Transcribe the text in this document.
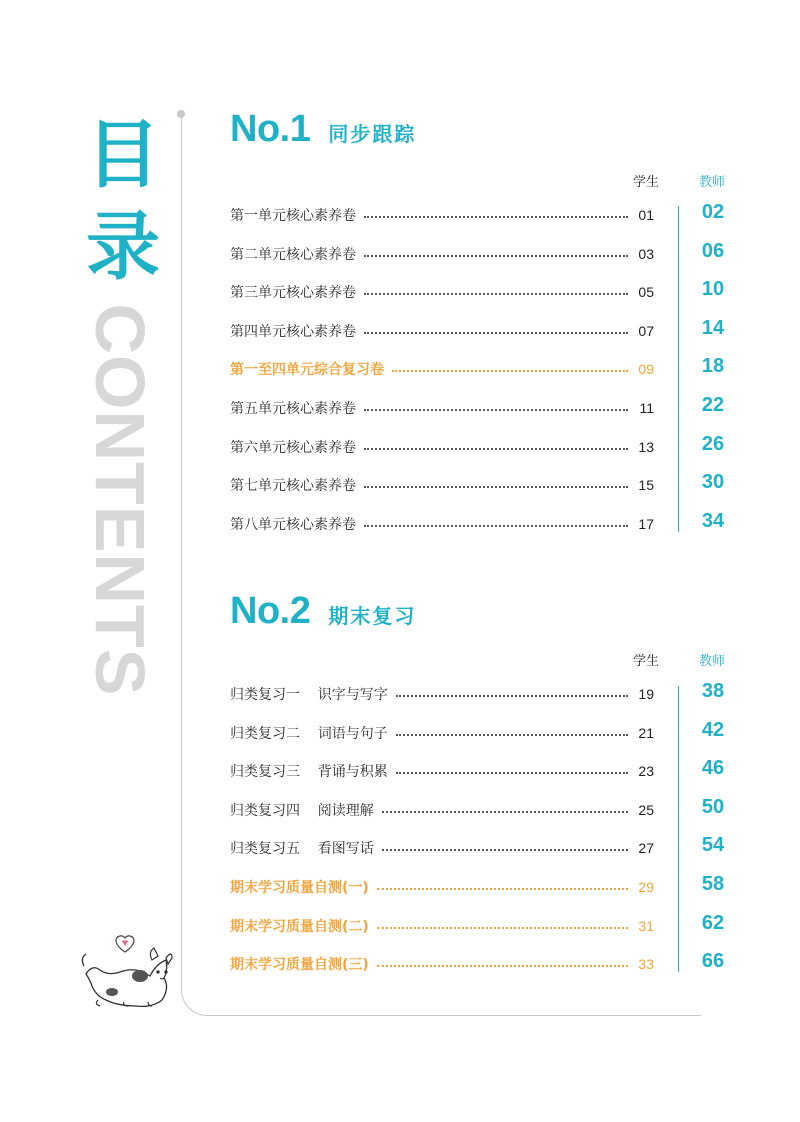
目
录
CONTENTS
No.1 同步跟踪
学生	教师
第一单元核心素养卷	01	02
第二单元核心素养卷	03	06
第三单元核心素养卷	05	10
第四单元核心素养卷	07	14
第一至四单元综合复习卷	09	18
第五单元核心素养卷	11	22
第六单元核心素养卷	13	26
第七单元核心素养卷	15	30
第八单元核心素养卷	17	34
No.2 期末复习
学生	教师
归类复习一    识字与写字	19	38
归类复习二    词语与句子	21	42
归类复习三    背诵与积累	23	46
归类复习四    阅读理解	25	50
归类复习五    看图写话	27	54
期末学习质量自测(一)	29	58
期末学习质量自测(二)	31	62
期末学习质量自测(三)	33	66
